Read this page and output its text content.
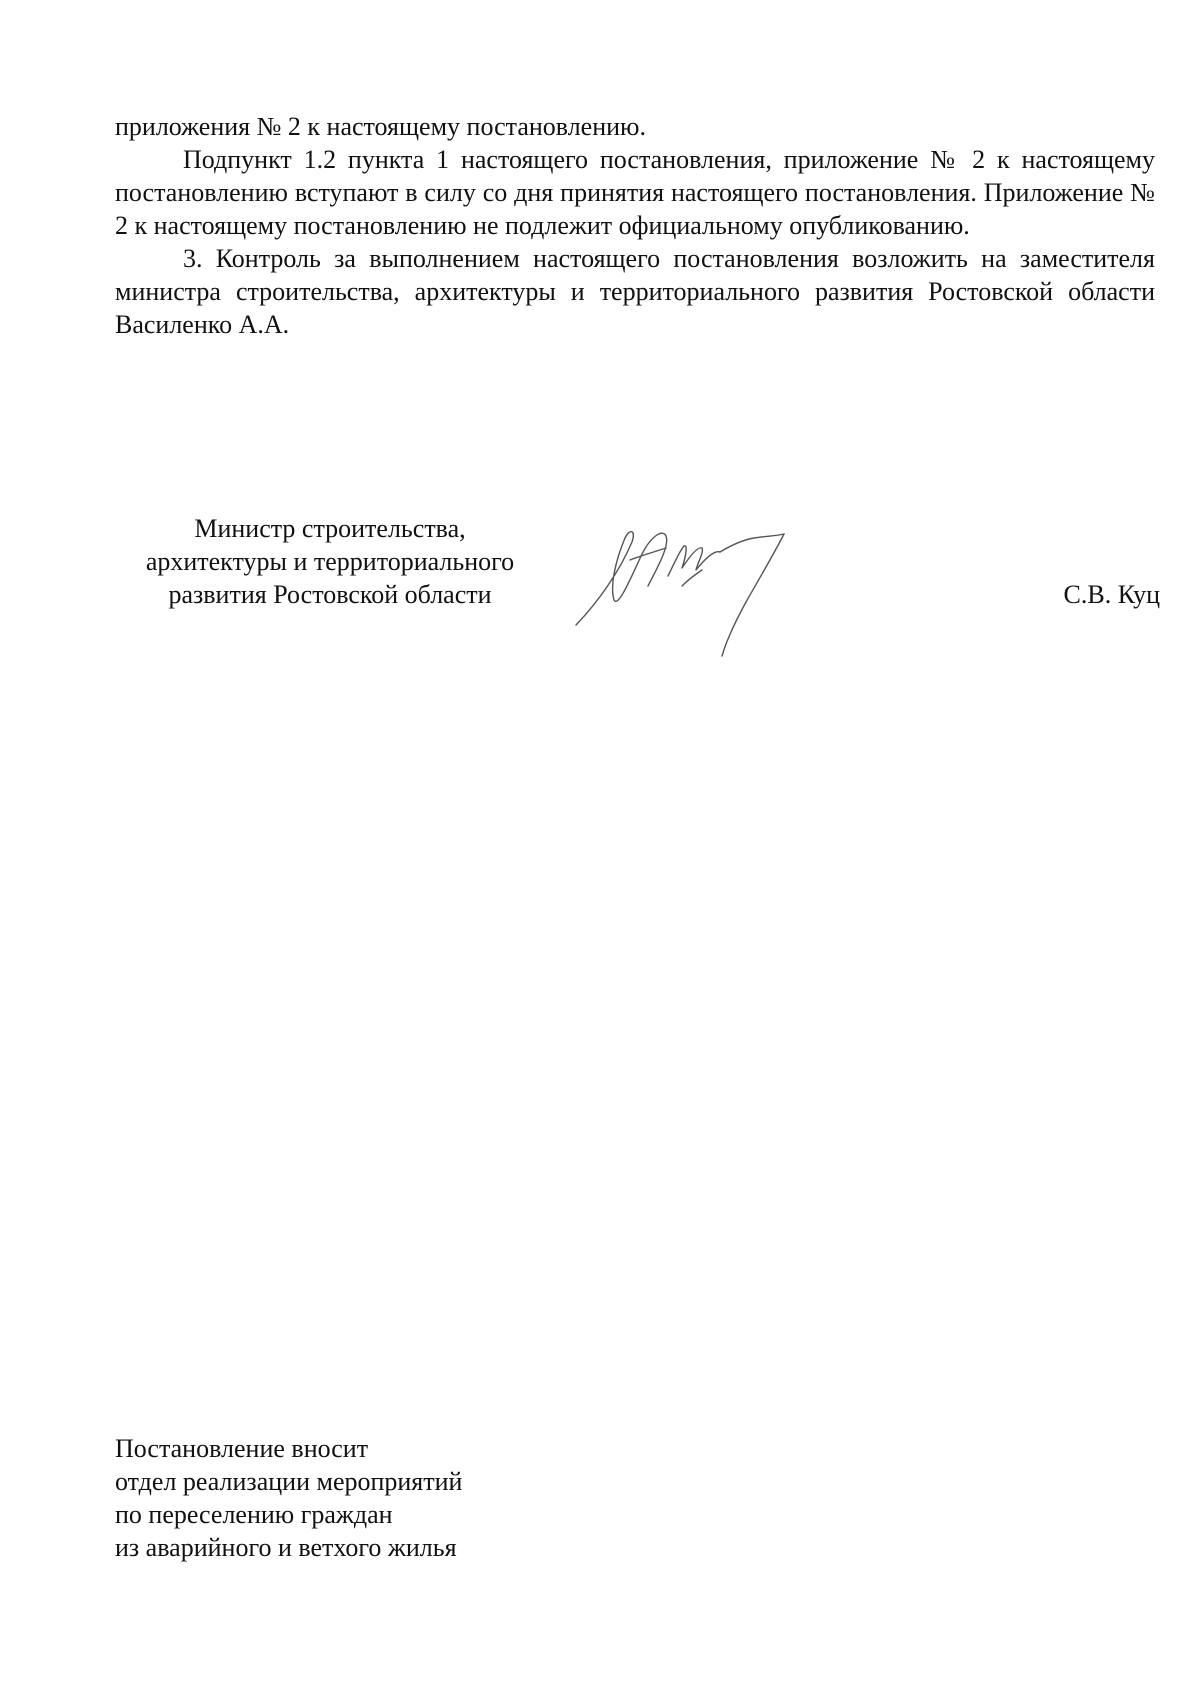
приложения № 2 к настоящему постановлению.

Подпункт 1.2 пункта 1 настоящего постановления, приложение № 2 к настоящему постановлению вступают в силу со дня принятия настоящего постановления. Приложение № 2 к настоящему постановлению не подлежит официальному опубликованию.

3. Контроль за выполнением настоящего постановления возложить на заместителя министра строительства, архитектуры и территориального развития Ростовской области Василенко А.А.

Министр строительства,
архитектуры и территориального
развития Ростовской области	С.В. Куц
Постановление вносит
отдел реализации мероприятий
по переселению граждан
из аварийного и ветхого жилья
